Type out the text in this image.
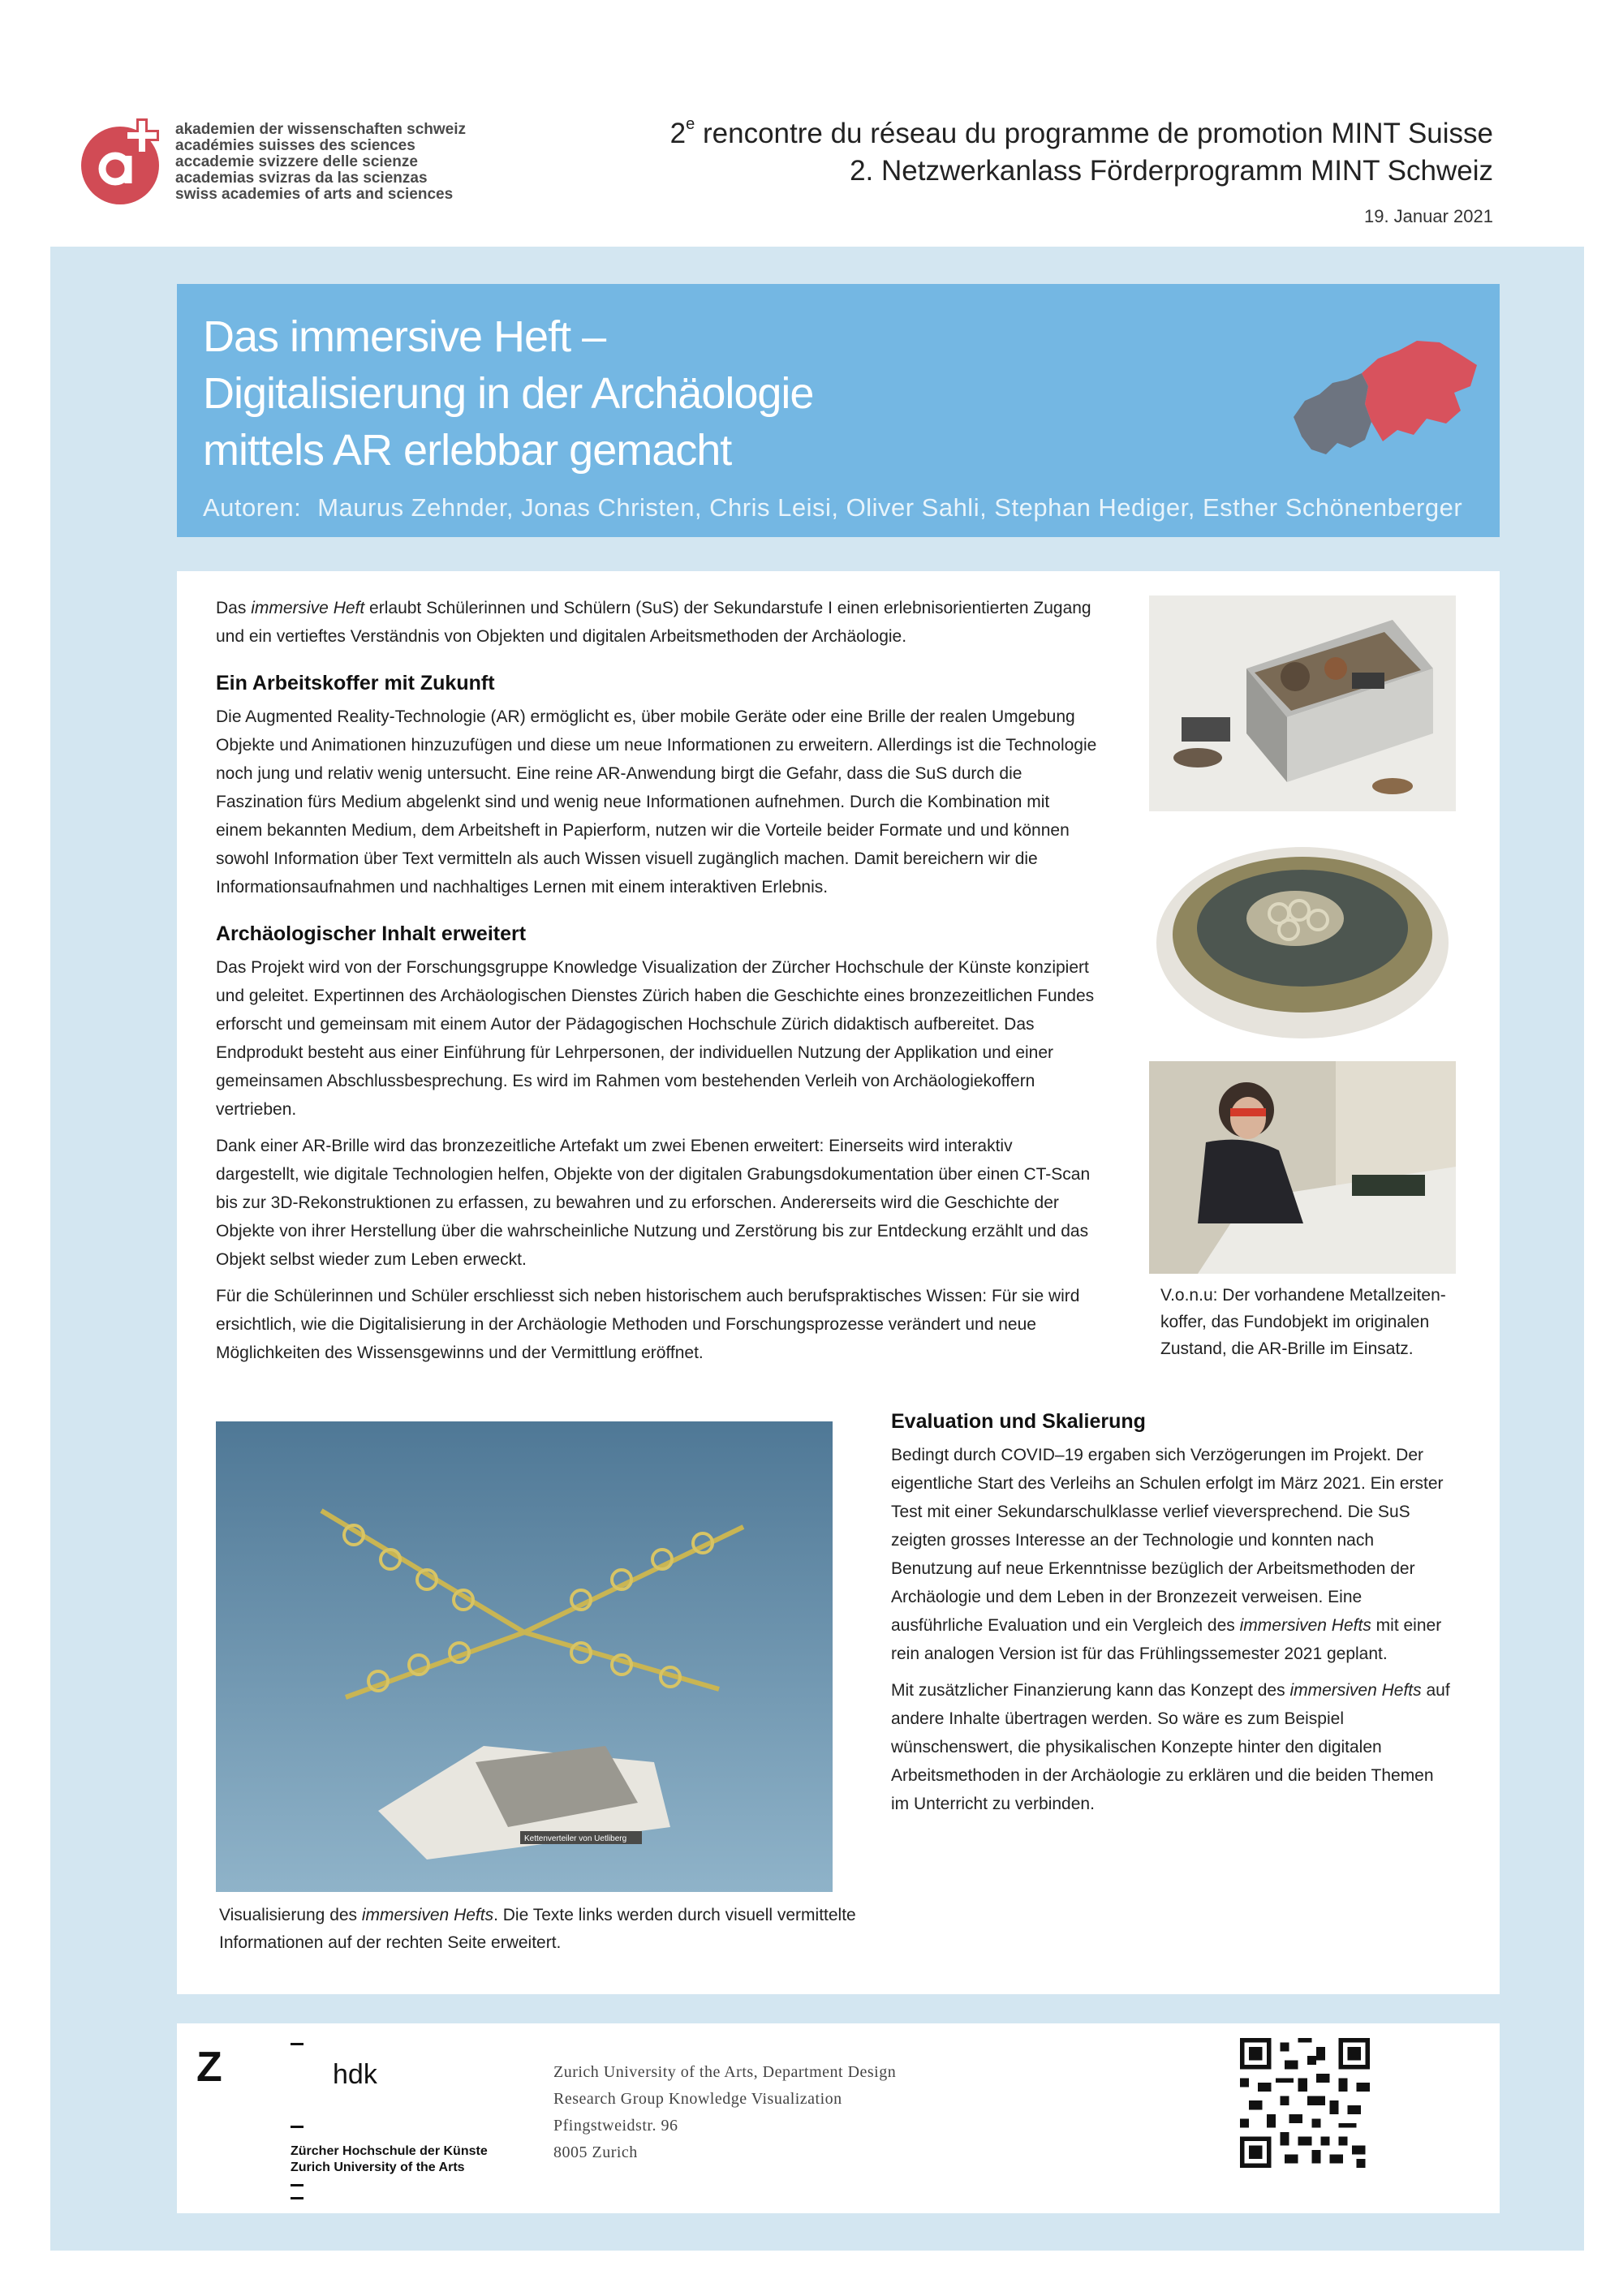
akademien der wissenschaften schweiz
académies suisses des sciences
accademie svizzere delle scienze
academias svizras da las scienzas
swiss academies of arts and sciences
2e rencontre du réseau du programme de promotion MINT Suisse
2. Netzwerkanlass Förderprogramm MINT Schweiz
19. Januar 2021
Das immersive Heft –
Digitalisierung in der Archäologie
mittels AR erlebbar gemacht
Autoren: Maurus Zehnder, Jonas Christen, Chris Leisi, Oliver Sahli, Stephan Hediger, Esther Schönenberger

Das immersive Heft erlaubt Schülerinnen und Schülern (SuS) der Sekundarstufe I einen erlebnisorientierten Zugang und ein vertieftes Verständnis von Objekten und digitalen Arbeitsmethoden der Archäologie.

Ein Arbeitskoffer mit Zukunft

Die Augmented Reality-Technologie (AR) ermöglicht es, über mobile Geräte oder eine Brille der realen Umgebung Objekte und Animationen hinzuzufügen und diese um neue Informationen zu erweitern. Allerdings ist die Technologie noch jung und relativ wenig untersucht. Eine reine AR-Anwendung birgt die Gefahr, dass die SuS durch die Faszination fürs Medium abgelenkt sind und wenig neue Informationen aufnehmen. Durch die Kombination mit einem bekannten Medium, dem Arbeitsheft in Papierform, nutzen wir die Vorteile beider Formate und und können sowohl Information über Text vermitteln als auch Wissen visuell zugänglich machen. Damit bereichern wir die Informationsaufnahmen und nachhaltiges Lernen mit einem interaktiven Erlebnis.

Archäologischer Inhalt erweitert

Das Projekt wird von der Forschungsgruppe Knowledge Visualization der Zürcher Hochschule der Künste konzipiert und geleitet. Expertinnen des Archäologischen Dienstes Zürich haben die Geschichte eines bronzezeitlichen Fundes erforscht und gemeinsam mit einem Autor der Pädagogischen Hochschule Zürich didaktisch aufbereitet. Das Endprodukt besteht aus einer Einführung für Lehrpersonen, der individuellen Nutzung der Applikation und einer gemeinsamen Abschlussbesprechung. Es wird im Rahmen vom bestehenden Verleih von Archäologiekoffern vertrieben.

Dank einer AR-Brille wird das bronzezeitliche Artefakt um zwei Ebenen erweitert: Einerseits wird interaktiv dargestellt, wie digitale Technologien helfen, Objekte von der digitalen Grabungsdokumentation über einen CT-Scan bis zur 3D-Rekonstruktionen zu erfassen, zu bewahren und zu erforschen. Andererseits wird die Geschichte der Objekte von ihrer Herstellung über die wahrscheinliche Nutzung und Zerstörung bis zur Entdeckung erzählt und das Objekt selbst wieder zum Leben erweckt.

Für die Schülerinnen und Schüler erschliesst sich neben historischem auch berufspraktisches Wissen: Für sie wird ersichtlich, wie die Digitalisierung in der Archäologie Methoden und Forschungsprozesse verändert und neue Möglichkeiten des Wissensgewinns und der Vermittlung eröffnet.

V.o.n.u: Der vorhandene Metallzeiten-koffer, das Fundobjekt im originalen Zustand, die AR-Brille im Einsatz.
Kettenverteiler von Uetliberg
Visualisierung des immersiven Hefts. Die Texte links werden durch visuell vermittelte Informationen auf der rechten Seite erweitert.
Evaluation und Skalierung

Bedingt durch COVID–19 ergaben sich Verzögerungen im Projekt. Der eigentliche Start des Verleihs an Schulen erfolgt im März 2021. Ein erster Test mit einer Sekundarschulklasse verlief vieversprechend. Die SuS zeigten grosses Interesse an der Technologie und konnten nach Benutzung auf neue Erkenntnisse bezüglich der Arbeitsmethoden der Archäologie und dem Leben in der Bronzezeit verweisen. Eine ausführliche Evaluation und ein Vergleich des immersiven Hefts mit einer rein analogen Version ist für das Frühlingssemester 2021 geplant.

Mit zusätzlicher Finanzierung kann das Konzept des immersiven Hefts auf andere Inhalte übertragen werden. So wäre es zum Beispiel wünschenswert, die physikalischen Konzepte hinter den digitalen Arbeitsmethoden in der Archäologie zu erklären und die beiden Themen im Unterricht zu verbinden.

Z	hdk
Zürcher Hochschule der Künste
Zurich University of the Arts
Zurich University of the Arts, Department Design
Research Group Knowledge Visualization
Pfingstweidstr. 96
8005 Zurich
